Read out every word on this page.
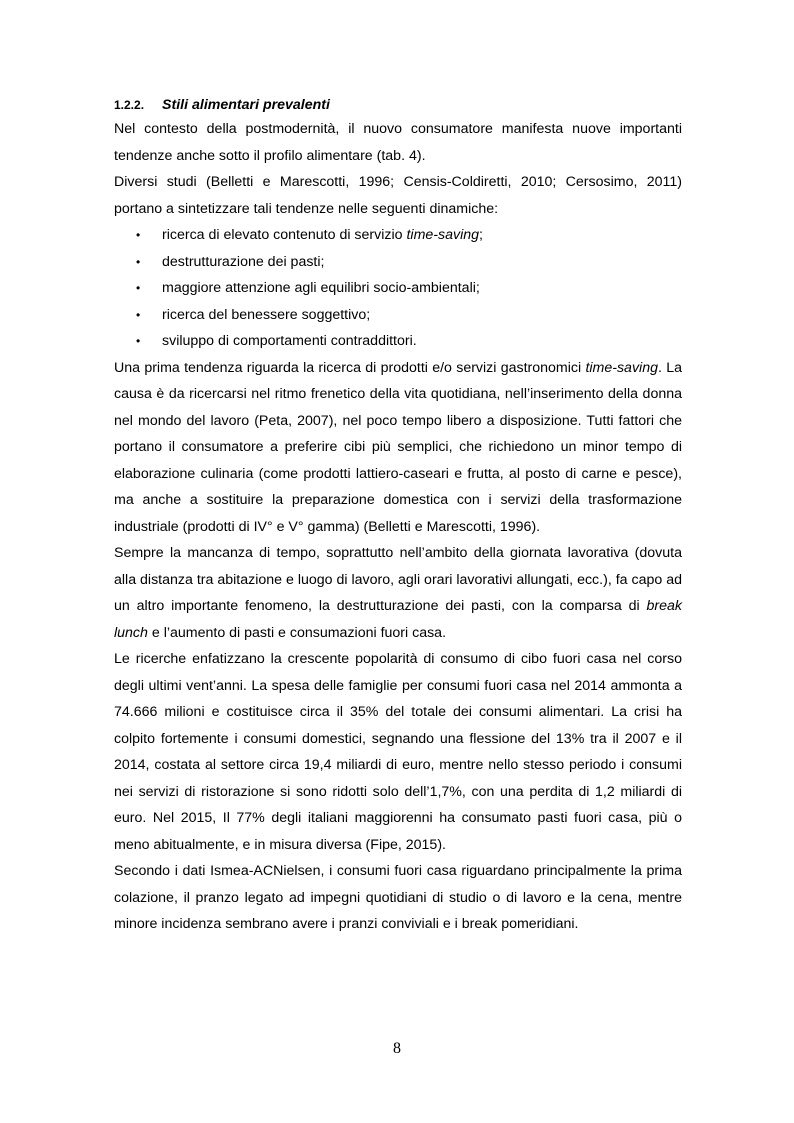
1.2.2. Stili alimentari prevalenti

Nel contesto della postmodernità, il nuovo consumatore manifesta nuove importanti tendenze anche sotto il profilo alimentare (tab. 4).

Diversi studi (Belletti e Marescotti, 1996; Censis-Coldiretti, 2010; Cersosimo, 2011) portano a sintetizzare tali tendenze nelle seguenti dinamiche:

• ricerca di elevato contenuto di servizio time-saving;
• destrutturazione dei pasti;
• maggiore attenzione agli equilibri socio-ambientali;
• ricerca del benessere soggettivo;
• sviluppo di comportamenti contraddittori.

Una prima tendenza riguarda la ricerca di prodotti e/o servizi gastronomici time-saving. La causa è da ricercarsi nel ritmo frenetico della vita quotidiana, nell’inserimento della donna nel mondo del lavoro (Peta, 2007), nel poco tempo libero a disposizione. Tutti fattori che portano il consumatore a preferire cibi più semplici, che richiedono un minor tempo di elaborazione culinaria (come prodotti lattiero-caseari e frutta, al posto di carne e pesce), ma anche a sostituire la preparazione domestica con i servizi della trasformazione industriale (prodotti di IV° e V° gamma) (Belletti e Marescotti, 1996).

Sempre la mancanza di tempo, soprattutto nell’ambito della giornata lavorativa (dovuta alla distanza tra abitazione e luogo di lavoro, agli orari lavorativi allungati, ecc.), fa capo ad un altro importante fenomeno, la destrutturazione dei pasti, con la comparsa di break lunch e l’aumento di pasti e consumazioni fuori casa.

Le ricerche enfatizzano la crescente popolarità di consumo di cibo fuori casa nel corso degli ultimi vent’anni. La spesa delle famiglie per consumi fuori casa nel 2014 ammonta a 74.666 milioni e costituisce circa il 35% del totale dei consumi alimentari. La crisi ha colpito fortemente i consumi domestici, segnando una flessione del 13% tra il 2007 e il 2014, costata al settore circa 19,4 miliardi di euro, mentre nello stesso periodo i consumi nei servizi di ristorazione si sono ridotti solo dell’1,7%, con una perdita di 1,2 miliardi di euro. Nel 2015, Il 77% degli italiani maggiorenni ha consumato pasti fuori casa, più o meno abitualmente, e in misura diversa (Fipe, 2015).

Secondo i dati Ismea-ACNielsen, i consumi fuori casa riguardano principalmente la prima colazione, il pranzo legato ad impegni quotidiani di studio o di lavoro e la cena, mentre minore incidenza sembrano avere i pranzi conviviali e i break pomeridiani.

8
